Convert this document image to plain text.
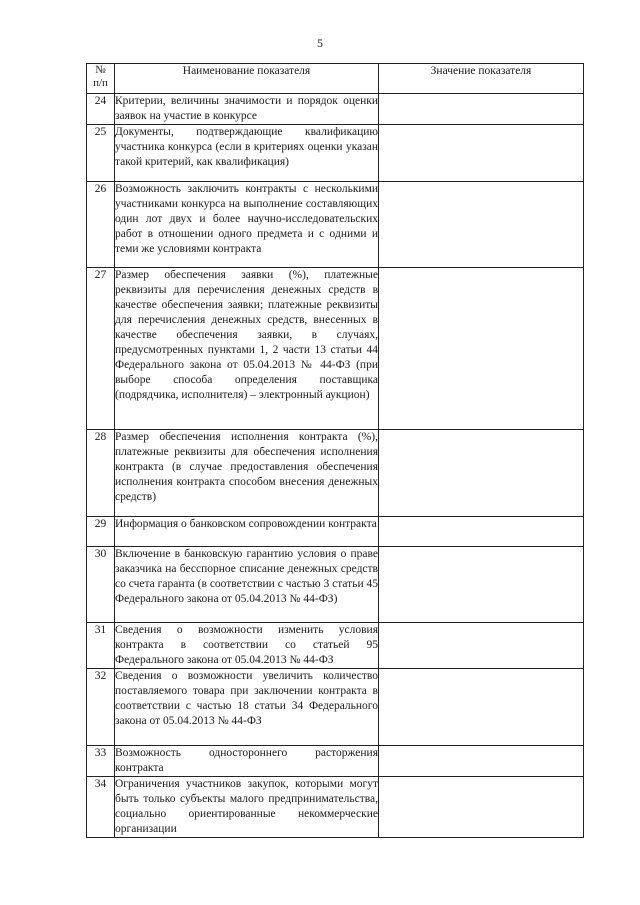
5
№
п/п	Наименование показателя	Значение показателя
24	Критерии, величины значимости и порядок оценки заявок на участие в конкурсе	
25	Документы, подтверждающие квалификацию участника конкурса (если в критериях оценки указан такой критерий, как квалификация)	
26	Возможность заключить контракты с несколькими участниками конкурса на выполнение составляющих один лот двух и более научно-исследовательских работ в отношении одного предмета и с одними и теми же условиями контракта	
27	Размер обеспечения заявки (%), платежные реквизиты для перечисления денежных средств в качестве обеспечения заявки; платежные реквизиты для перечисления денежных средств, внесенных в качестве обеспечения заявки, в случаях, предусмотренных пунктами 1, 2 части 13 статьи 44 Федерального закона от 05.04.2013 № 44-ФЗ (при выборе способа определения поставщика (подрядчика, исполнителя) – электронный аукцион)	
28	Размер обеспечения исполнения контракта (%), платежные реквизиты для обеспечения исполнения контракта (в случае предоставления обеспечения исполнения контракта способом внесения денежных средств)	
29	Информация о банковском сопровождении контракта	
30	Включение в банковскую гарантию условия о праве заказчика на бесспорное списание денежных средств со счета гаранта (в соответствии с частью 3 статьи 45 Федерального закона от 05.04.2013 № 44-ФЗ)	
31	Сведения о возможности изменить условия контракта в соответствии со статьей 95 Федерального закона от 05.04.2013 № 44-ФЗ	
32	Сведения о возможности увеличить количество поставляемого товара при заключении контракта в соответствии с частью 18 статьи 34 Федерального закона от 05.04.2013 № 44-ФЗ	
33	Возможность одностороннего расторжения контракта	
34	Ограничения участников закупок, которыми могут быть только субъекты малого предпринимательства, социально ориентированные некоммерческие организации	
